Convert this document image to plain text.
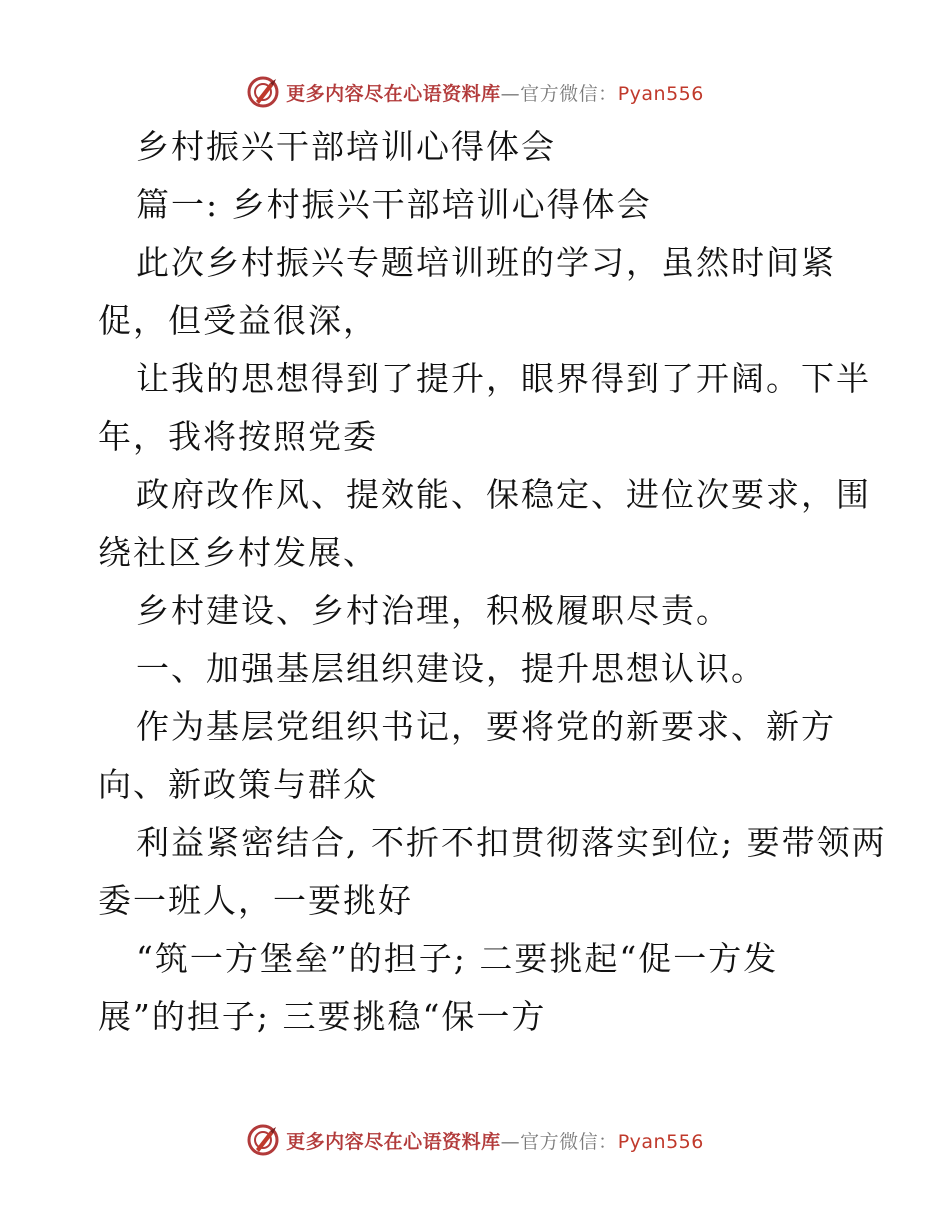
更多内容尽在心语资料库—官方微信：Pyan556
乡村振兴干部培训心得体会
篇一: 乡村振兴干部培训心得体会
此次乡村振兴专题培训班的学习，虽然时间紧
促，但受益很深，
让我的思想得到了提升，眼界得到了开阔。下半
年，我将按照党委
政府改作风、提效能、保稳定、进位次要求，围
绕社区乡村发展、
乡村建设、乡村治理，积极履职尽责。
一、加强基层组织建设，提升思想认识。
作为基层党组织书记，要将党的新要求、新方
向、新政策与群众
利益紧密结合, 不折不扣贯彻落实到位; 要带领两
委一班人，一要挑好
“筑一方堡垒”的担子; 二要挑起“促一方发
展”的担子; 三要挑稳“保一方
更多内容尽在心语资料库—官方微信：Pyan556
